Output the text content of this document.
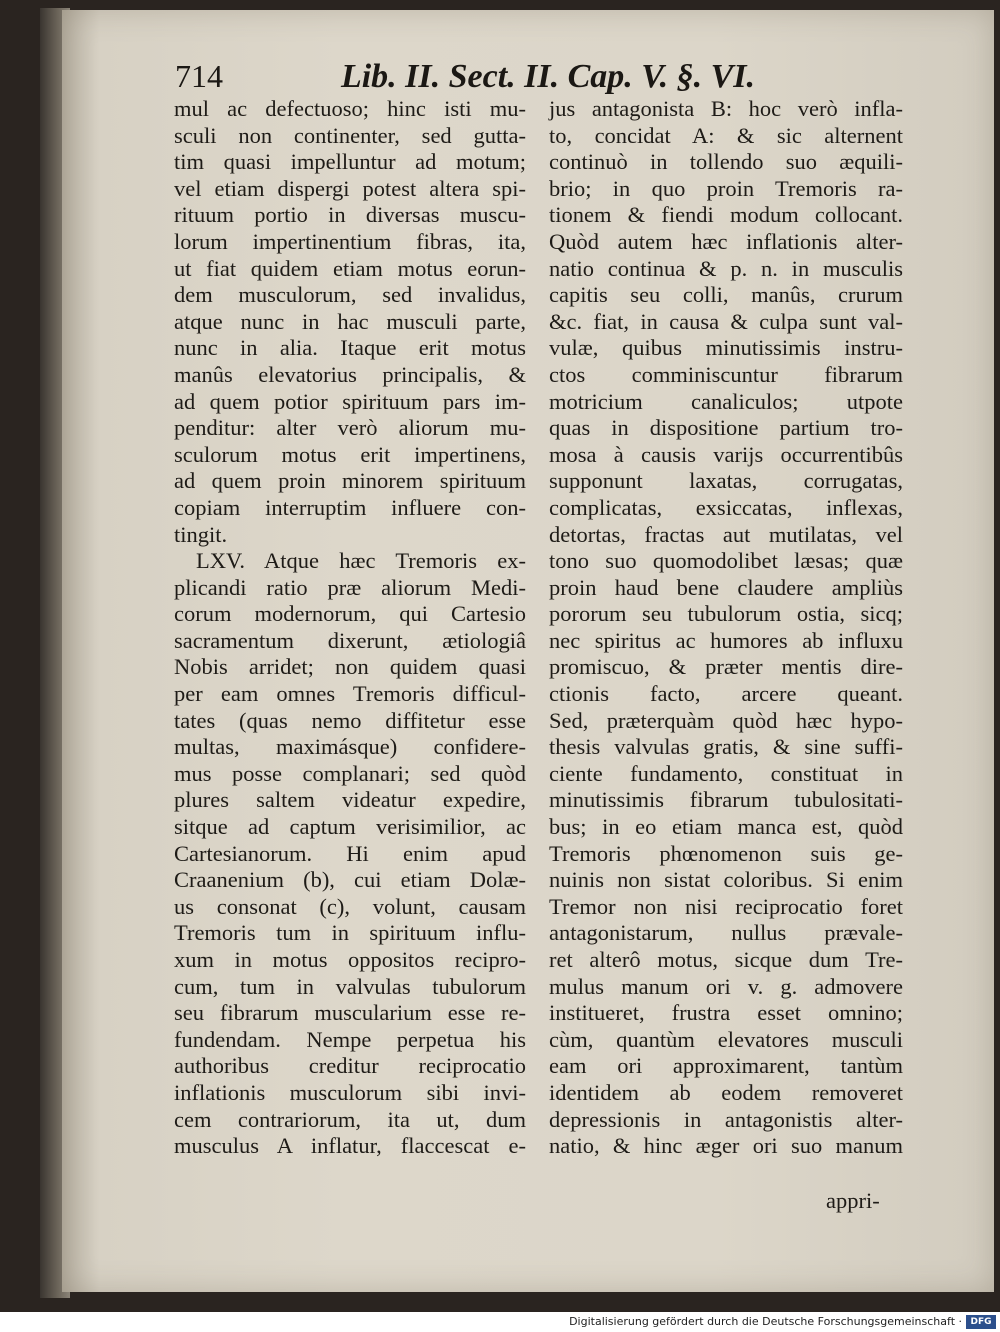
714	Lib. II. Sect. II. Cap. V. §. VI.
mul ac defectuoso; hinc isti mu-
sculi non continenter, sed gutta-
tim quasi impelluntur ad motum;
vel etiam dispergi potest altera spi-
rituum portio in diversas muscu-
lorum impertinentium fibras, ita,
ut fiat quidem etiam motus eorun-
dem musculorum, sed invalidus,
atque nunc in hac musculi parte,
nunc in alia. Itaque erit motus
manûs elevatorius principalis, &
ad quem potior spirituum pars im-
penditur: alter verò aliorum mu-
sculorum motus erit impertinens,
ad quem proin minorem spirituum
copiam interruptim influere con-
tingit.
LXV. Atque hæc Tremoris ex-
plicandi ratio præ aliorum Medi-
corum modernorum, qui Cartesio
sacramentum dixerunt, ætiologiâ
Nobis arridet; non quidem quasi
per eam omnes Tremoris difficul-
tates (quas nemo diffitetur esse
multas, maximásque) confidere-
mus posse complanari; sed quòd
plures saltem videatur expedire,
sitque ad captum verisimilior, ac
Cartesianorum. Hi enim apud
Craanenium (b), cui etiam Dolæ-
us consonat (c), volunt, causam
Tremoris tum in spirituum influ-
xum in motus oppositos recipro-
cum, tum in valvulas tubulorum
seu fibrarum muscularium esse re-
fundendam. Nempe perpetua his
authoribus creditur reciprocatio
inflationis musculorum sibi invi-
cem contrariorum, ita ut, dum
musculus A inflatur, flaccescat e-
jus antagonista B: hoc verò infla-
to, concidat A: & sic alternent
continuò in tollendo suo æquili-
brio; in quo proin Tremoris ra-
tionem & fiendi modum collocant.
Quòd autem hæc inflationis alter-
natio continua & p. n. in musculis
capitis seu colli, manûs, crurum
&c. fiat, in causa & culpa sunt val-
vulæ, quibus minutissimis instru-
ctos comminiscuntur fibrarum
motricium canaliculos; utpote
quas in dispositione partium tro-
mosa à causis varijs occurrentibûs
supponunt laxatas, corrugatas,
complicatas, exsiccatas, inflexas,
detortas, fractas aut mutilatas, vel
tono suo quomodolibet læsas; quæ
proin haud bene claudere ampliùs
pororum seu tubulorum ostia, sicq;
nec spiritus ac humores ab influxu
promiscuo, & præter mentis dire-
ctionis facto, arcere queant.
Sed, præterquàm quòd hæc hypo-
thesis valvulas gratis, & sine suffi-
ciente fundamento, constituat in
minutissimis fibrarum tubulositati-
bus; in eo etiam manca est, quòd
Tremoris phœnomenon suis ge-
nuinis non sistat coloribus. Si enim
Tremor non nisi reciprocatio foret
antagonistarum, nullus prævale-
ret alterô motus, sicque dum Tre-
mulus manum ori v. g. admovere
institueret, frustra esset omnino;
cùm, quantùm elevatores musculi
eam ori approximarent, tantùm
identidem ab eodem removeret
depressionis in antagonistis alter-
natio, & hinc æger ori suo manum
appri-
Digitalisierung gefördert durch die Deutsche Forschungsgemeinschaft · DFG
